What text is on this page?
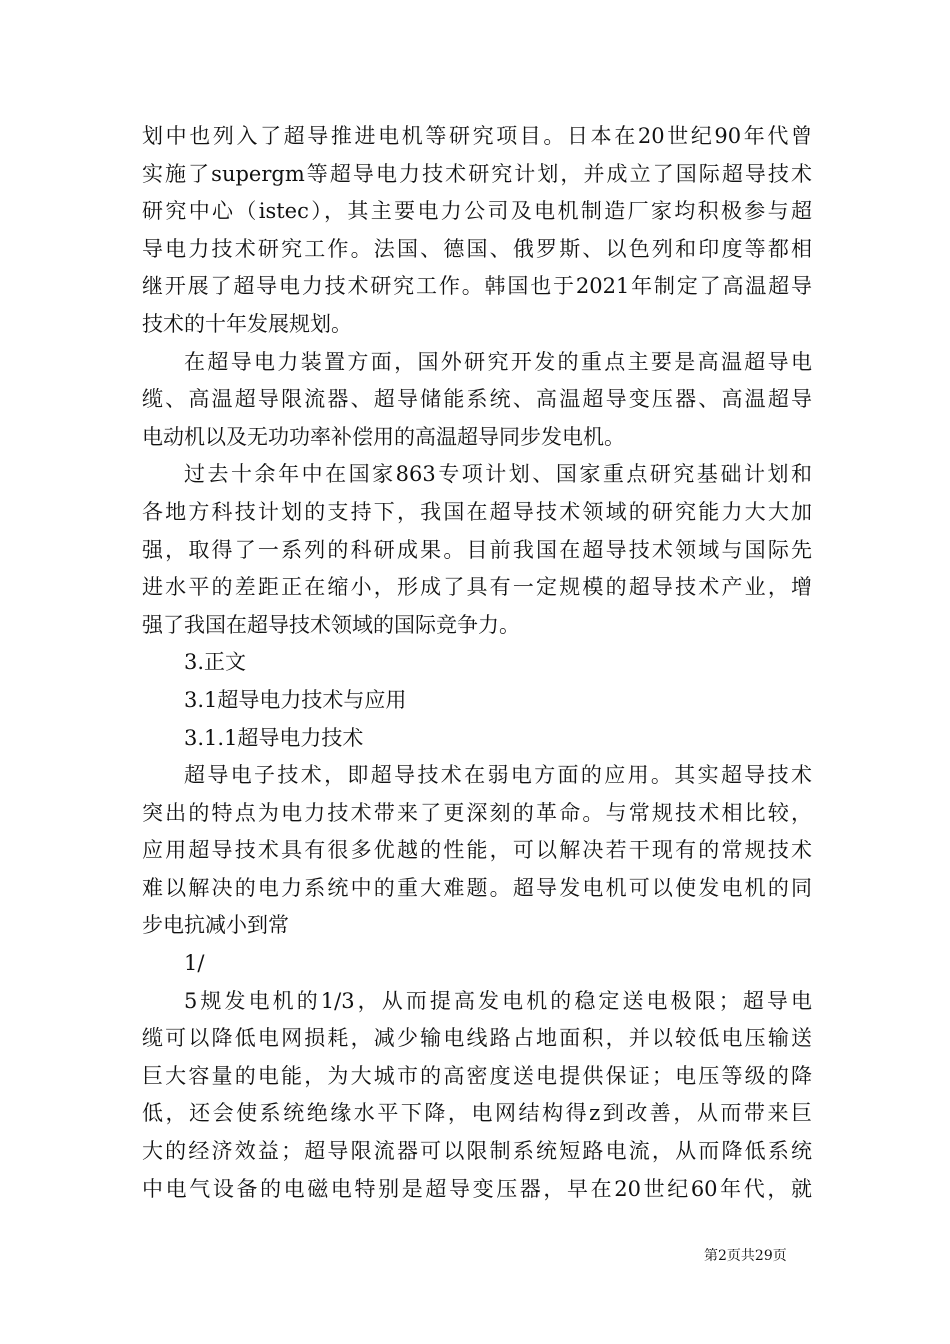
划中也列入了超导推进电机等研究项目。日本在20世纪90年代曾
实施了supergm等超导电力技术研究计划，并成立了国际超导技术
研究中心（istec），其主要电力公司及电机制造厂家均积极参与超
导电力技术研究工作。法国、德国、俄罗斯、以色列和印度等都相
继开展了超导电力技术研究工作。韩国也于2021年制定了高温超导
技术的十年发展规划。
在超导电力装置方面，国外研究开发的重点主要是高温超导电
缆、高温超导限流器、超导储能系统、高温超导变压器、高温超导
电动机以及无功功率补偿用的高温超导同步发电机。
过去十余年中在国家863专项计划、国家重点研究基础计划和
各地方科技计划的支持下，我国在超导技术领域的研究能力大大加
强，取得了一系列的科研成果。目前我国在超导技术领域与国际先
进水平的差距正在缩小，形成了具有一定规模的超导技术产业，增
强了我国在超导技术领域的国际竞争力。
3.正文
3.1超导电力技术与应用
3.1.1超导电力技术
超导电子技术，即超导技术在弱电方面的应用。其实超导技术
突出的特点为电力技术带来了更深刻的革命。与常规技术相比较，
应用超导技术具有很多优越的性能，可以解决若干现有的常规技术
难以解决的电力系统中的重大难题。超导发电机可以使发电机的同
步电抗减小到常
1/
5规发电机的1/3，从而提高发电机的稳定送电极限；超导电
缆可以降低电网损耗，减少输电线路占地面积，并以较低电压输送
巨大容量的电能，为大城市的高密度送电提供保证；电压等级的降
低，还会使系统绝缘水平下降，电网结构得z到改善，从而带来巨
大的经济效益；超导限流器可以限制系统短路电流，从而降低系统
中电气设备的电磁电特别是超导变压器，早在20世纪60年代，就
第2页共29页
